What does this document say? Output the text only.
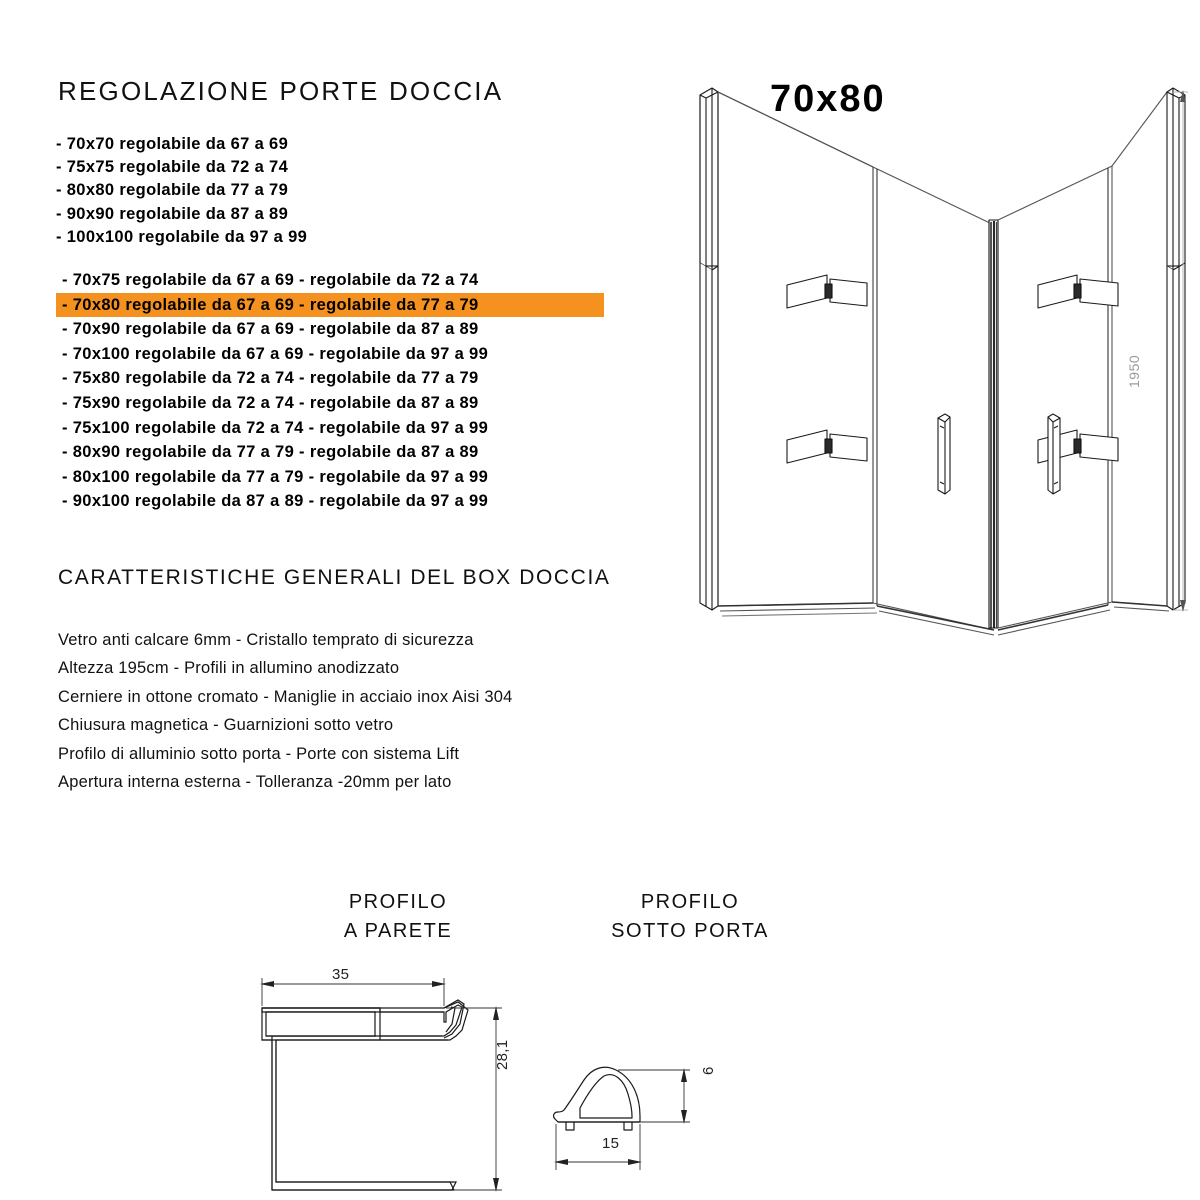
REGOLAZIONE PORTE DOCCIA
- 70x70 regolabile da 67 a 69
- 75x75 regolabile da 72 a 74
- 80x80 regolabile da 77 a 79
- 90x90 regolabile da 87 a 89
- 100x100 regolabile da 97 a 99
- 70x75 regolabile da 67 a 69 - regolabile da 72 a 74
- 70x80 regolabile da 67 a 69 - regolabile da 77 a 79
- 70x90 regolabile da 67 a 69 - regolabile da 87 a 89
- 70x100 regolabile da 67 a 69 - regolabile da 97 a 99
- 75x80 regolabile da 72 a 74 - regolabile da 77 a 79
- 75x90 regolabile da 72 a 74 - regolabile da 87 a 89
- 75x100 regolabile da 72 a 74 - regolabile da 97 a 99
- 80x90 regolabile da 77 a 79 - regolabile da 87 a 89
- 80x100 regolabile da 77 a 79 - regolabile da 97 a 99
- 90x100 regolabile da 87 a 89 - regolabile da 97 a 99
CARATTERISTICHE GENERALI DEL BOX DOCCIA
Vetro anti calcare 6mm - Cristallo temprato di sicurezza
Altezza 195cm - Profili in allumino anodizzato
Cerniere in ottone cromato - Maniglie in acciaio inox Aisi 304
Chiusura magnetica - Guarnizioni sotto vetro
Profilo di alluminio sotto porta - Porte con sistema Lift
Apertura interna esterna - Tolleranza -20mm per lato
70x80
1950
PROFILO
A PARETE
PROFILO
SOTTO PORTA
35
28,1
15
6
